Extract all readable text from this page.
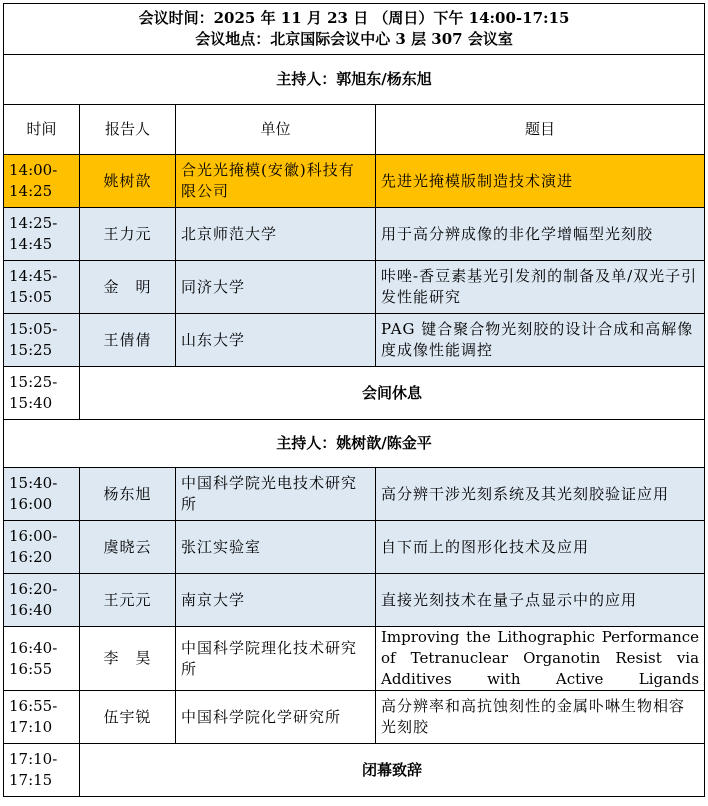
会议时间：2025 年 11 月 23 日 （周日）下午 14:00-17:15
会议地点：北京国际会议中心 3 层 307 会议室			

主持人：郭旭东/杨东旭			
时间	报告人	单位	题目
14:00-
14:25	姚树歆	合光光掩模(安徽)科技有限公司	先进光掩模版制造技术演进
14:25-
14:45	王力元	北京师范大学	用于高分辨成像的非化学增幅型光刻胶
14:45-
15:05	金　明	同济大学	咔唑-香豆素基光引发剂的制备及单/双光子引发性能研究
15:05-
15:25	王倩倩	山东大学	PAG 键合聚合物光刻胶的设计合成和高解像度成像性能调控
15:25-
15:40	会间休息		
主持人：姚树歆/陈金平			
15:40-
16:00	杨东旭	中国科学院光电技术研究所	高分辨干涉光刻系统及其光刻胶验证应用
16:00-
16:20	虞晓云	张江实验室	自下而上的图形化技术及应用
16:20-
16:40	王元元	南京大学	直接光刻技术在量子点显示中的应用
16:40-
16:55	李　昊	中国科学院理化技术研究所	Improving the Lithographic Performance of Tetranuclear Organotin Resist via Additives with Active Ligands
16:55-
17:10	伍宇锐	中国科学院化学研究所	高分辨率和高抗蚀刻性的金属卟啉生物相容光刻胶
17:10-
17:15	闭幕致辞		
